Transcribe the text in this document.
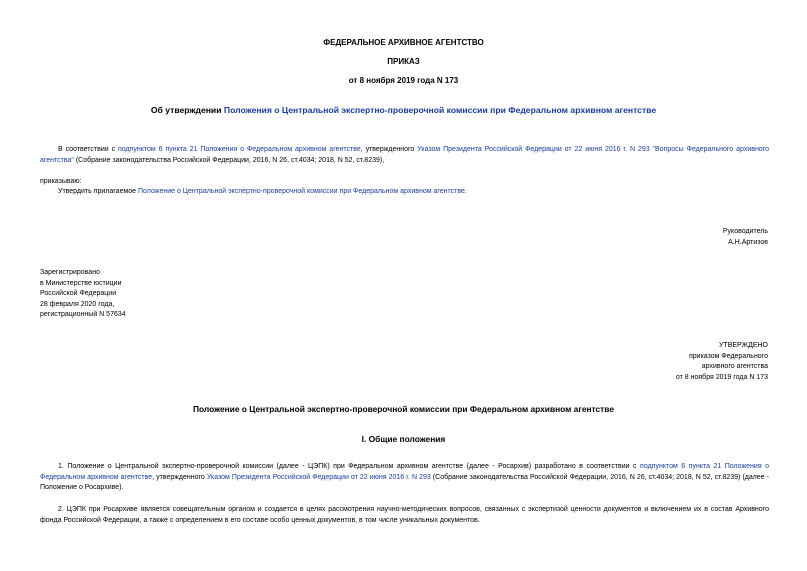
ФЕДЕРАЛЬНОЕ АРХИВНОЕ АГЕНТСТВО
ПРИКАЗ
от 8 ноября 2019 года N 173
Об утверждении Положения о Центральной экспертно-проверочной комиссии при Федеральном архивном агентстве
В соответствии с подпунктом 6 пункта 21 Положения о Федеральном архивном агентстве, утвержденного Указом Президента Российской Федерации от 22 июня 2016 г. N 293 "Вопросы Федерального архивного агентства" (Собрание законодательства Российской Федерации, 2016, N 26, ст.4034; 2018, N 52, ст.8239),
приказываю:
Утвердить прилагаемое Положение о Центральной экспертно-проверочной комиссии при Федеральном архивном агентстве.
Руководитель
А.Н.Артизов
Зарегистрировано
в Министерстве юстиции
Российской Федерации
28 февраля 2020 года,
регистрационный N 57634
УТВЕРЖДЕНО
приказом Федерального
архивного агентства
от 8 ноября 2019 года N 173
Положение о Центральной экспертно-проверочной комиссии при Федеральном архивном агентстве
I. Общие положения
1. Положение о Центральной экспертно-проверочной комиссии (далее - ЦЭПК) при Федеральном архивном агентстве (далее - Росархив) разработано в соответствии с подпунктом 6 пункта 21 Положения о Федеральном архивном агентстве, утвержденного Указом Президента Российской Федерации от 22 июня 2016 г. N 293 (Собрание законодательства Российской Федерации, 2016, N 26, ст.4034; 2018, N 52, ст.8239) (далее - Положение о Росархиве).
2. ЦЭПК при Росархиве является совещательным органом и создается в целях рассмотрения научно-методических вопросов, связанных с экспертизой ценности документов и включением их в состав Архивного фонда Российской Федерации, а также с определением в его составе особо ценных документов, в том числе уникальных документов.
